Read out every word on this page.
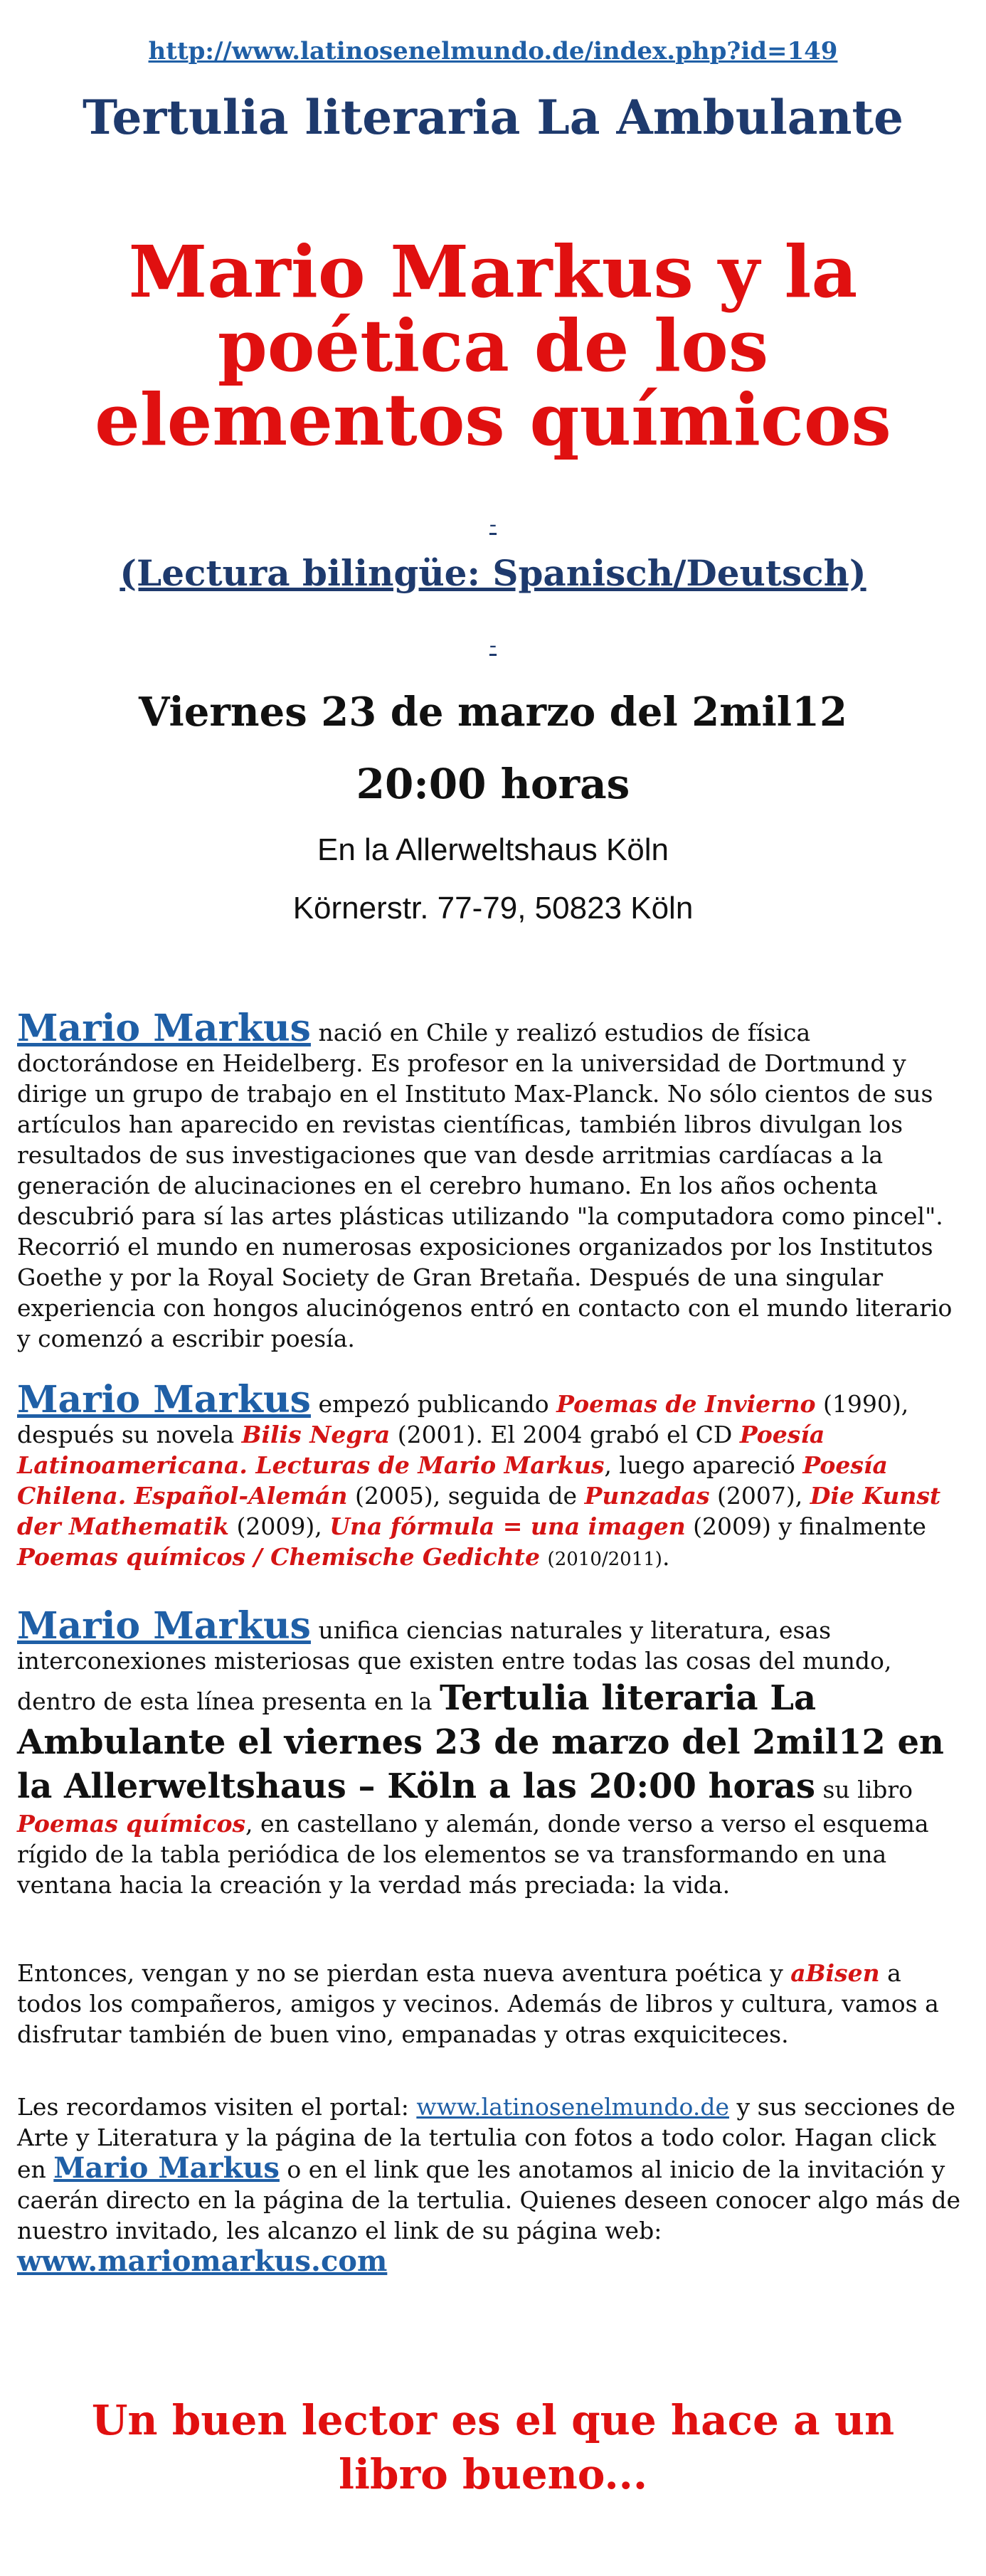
http://www.latinosenelmundo.de/index.php?id=149
Tertulia literaria La Ambulante
Mario Markus y la poética de los elementos químicos
-
(Lectura bilingüe: Spanisch/Deutsch)
-
Viernes 23 de marzo del 2mil12
20:00 horas
En la Allerweltshaus Köln
Körnerstr. 77-79, 50823 Köln
Mario Markus nació en Chile y realizó estudios de física doctorándose en Heidelberg. Es profesor en la universidad de Dortmund y dirige un grupo de trabajo en el Instituto Max-Planck. No sólo cientos de sus artículos han aparecido en revistas científicas, también libros divulgan los resultados de sus investigaciones que van desde arritmias cardíacas a la generación de alucinaciones en el cerebro humano. En los años ochenta descubrió para sí las artes plásticas utilizando "la computadora como pincel". Recorrió el mundo en numerosas exposiciones organizados por los Institutos Goethe y por la Royal Society de Gran Bretaña. Después de una singular experiencia con hongos alucinógenos entró en contacto con el mundo literario y comenzó a escribir poesía.
Mario Markus empezó publicando Poemas de Invierno (1990), después su novela Bilis Negra (2001). El 2004 grabó el CD Poesía Latinoamericana. Lecturas de Mario Markus, luego apareció Poesía Chilena. Español-Alemán (2005), seguida de Punzadas (2007), Die Kunst der Mathematik (2009), Una fórmula = una imagen (2009) y finalmente Poemas químicos / Chemische Gedichte (2010/2011).
Mario Markus unifica ciencias naturales y literatura, esas interconexiones misteriosas que existen entre todas las cosas del mundo, dentro de esta línea presenta en la Tertulia literaria La Ambulante el viernes 23 de marzo del 2mil12 en la Allerweltshaus – Köln a las 20:00 horas su libro Poemas químicos, en castellano y alemán, donde verso a verso el esquema rígido de la tabla periódica de los elementos se va transformando en una ventana hacia la creación y la verdad más preciada: la vida.
Entonces, vengan y no se pierdan esta nueva aventura poética y aBisen a todos los compañeros, amigos y vecinos. Además de libros y cultura, vamos a disfrutar también de buen vino, empanadas y otras exquiciteces.
Les recordamos visiten el portal: www.latinosenelmundo.de y sus secciones de Arte y Literatura y la página de la tertulia con fotos a todo color. Hagan click en Mario Markus o en el link que les anotamos al inicio de la invitación y caerán directo en la página de la tertulia. Quienes deseen conocer algo más de nuestro invitado, les alcanzo el link de su página web:
www.mariomarkus.com
Un buen lector es el que hace a un libro bueno...
